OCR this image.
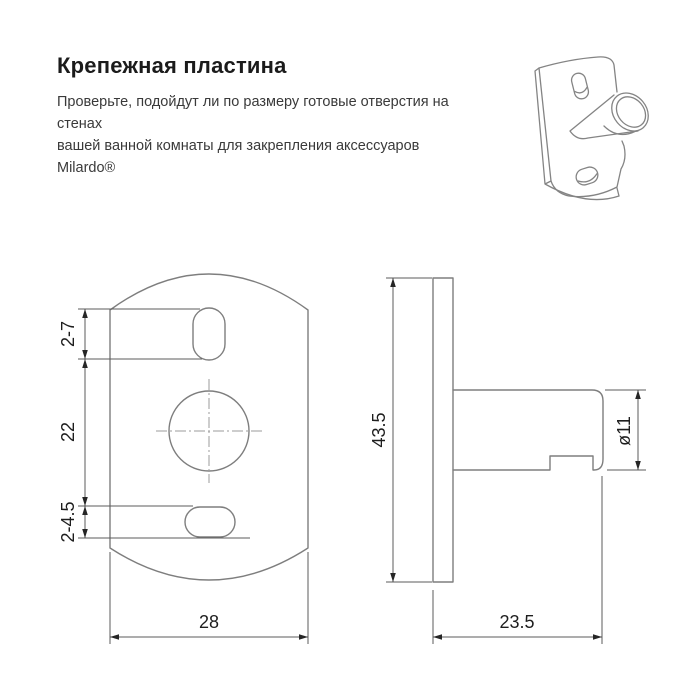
Крепежная пластина
Проверьте, подойдут ли по размеру готовые отверстия на стенах
вашей ванной комнаты для закрепления аксессуаров Milardo®
2-7
22
2-4.5
28
43.5	ø11
23.5
